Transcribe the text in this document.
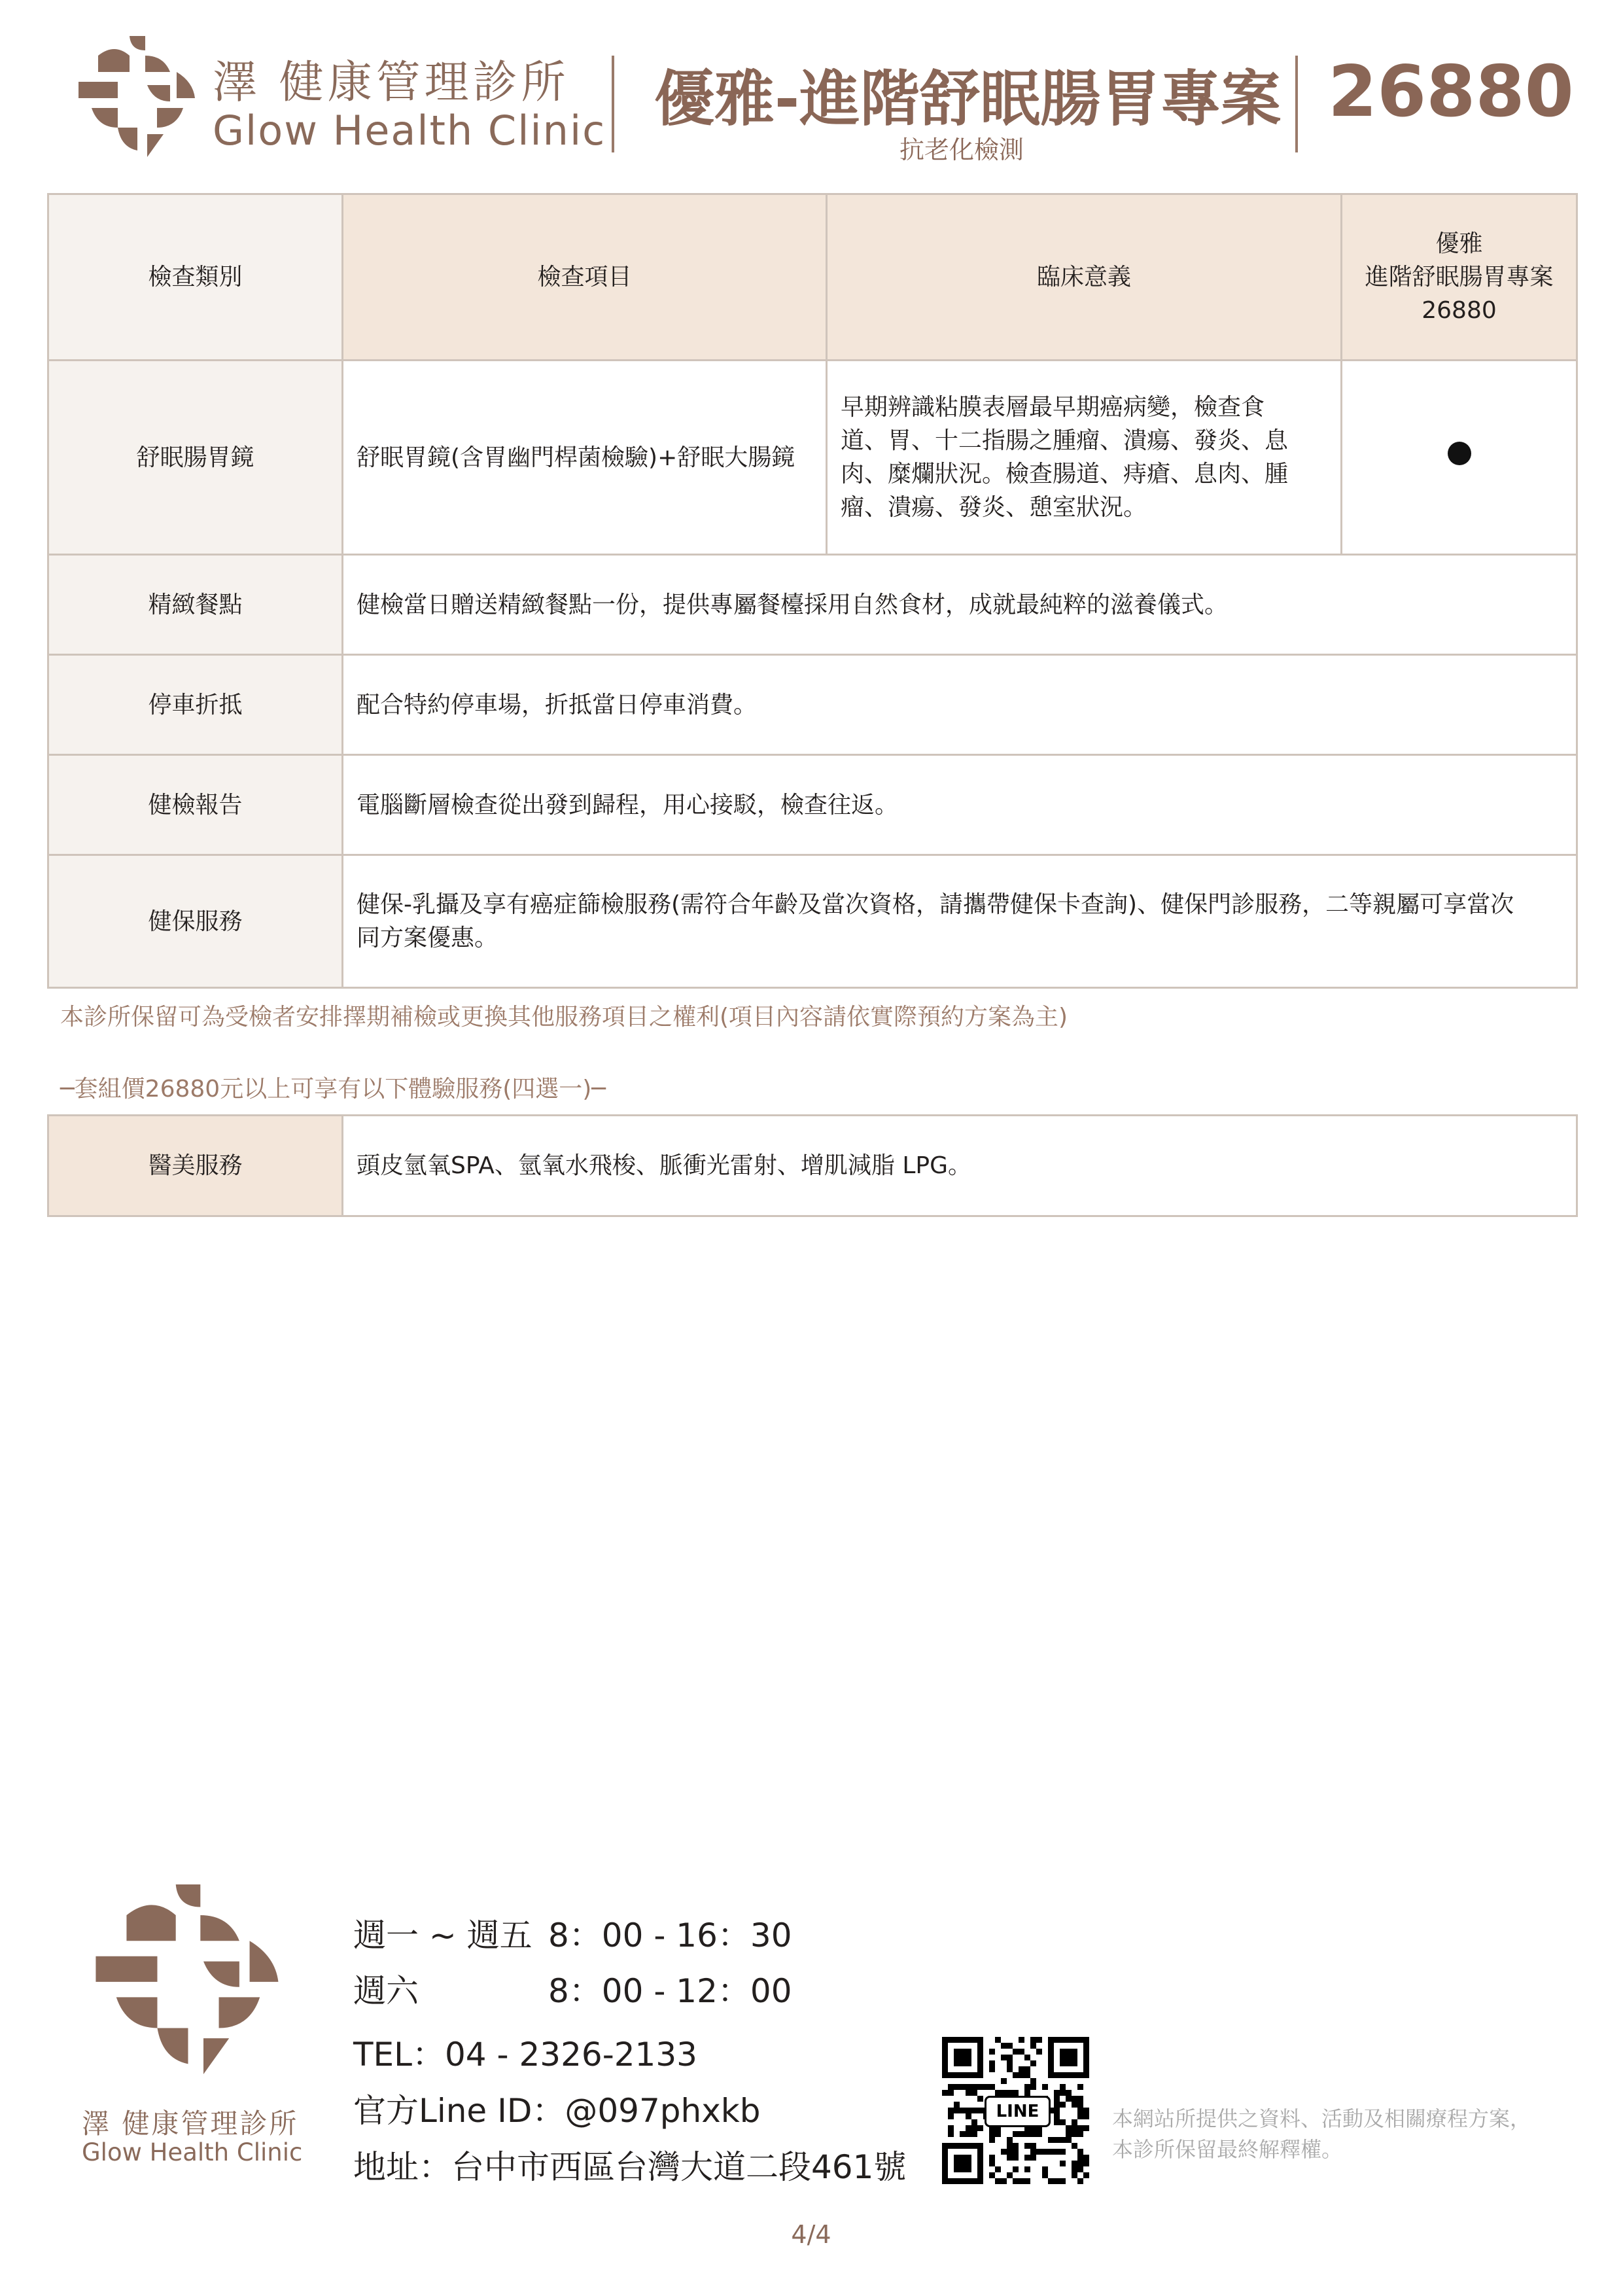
澤 健康管理診所
Glow Health Clinic 優雅-進階舒眠腸胃專案
抗老化檢測
26880
檢查類別	檢查項目	臨床意義	優雅
進階舒眠腸胃專案
26880

舒眠腸胃鏡	舒眠胃鏡(含胃幽門桿菌檢驗)+舒眠大腸鏡	早期辨識粘膜表層最早期癌病變，檢查食
道、胃、十二指腸之腫瘤、潰瘍、發炎、息
肉、糜爛狀況。檢查腸道、痔瘡、息肉、腫
瘤、潰瘍、發炎、憩室狀況。	

精緻餐點	健檢當日贈送精緻餐點一份，提供專屬餐檯採用自然食材，成就最純粹的滋養儀式。		
停車折抵	配合特約停車場，折抵當日停車消費。		
健檢報告	電腦斷層檢查從出發到歸程，用心接駁，檢查往返。		
健保服務	健保-乳攝及享有癌症篩檢服務(需符合年齡及當次資格，請攜帶健保卡查詢)、健保門診服務，二等親屬可享當次
同方案優惠。		
本診所保留可為受檢者安排擇期補檢或更換其他服務項目之權利(項目內容請依實際預約方案為主)
─套組價26880元以上可享有以下體驗服務(四選一)─
醫美服務	頭皮氫氧SPA、氫氧水飛梭、脈衝光雷射、增肌減脂 LPG。
澤 健康管理診所
Glow Health Clinic
週一 ~ 週五 8：00 - 16：30
週六	8：00 - 12：00
TEL：04 - 2326-2133
官方Line ID：@097phxkb
地址：台中市西區台灣大道二段461號
LINE	本網站所提供之資料、活動及相關療程方案，
本診所保留最終解釋權。
4/4
